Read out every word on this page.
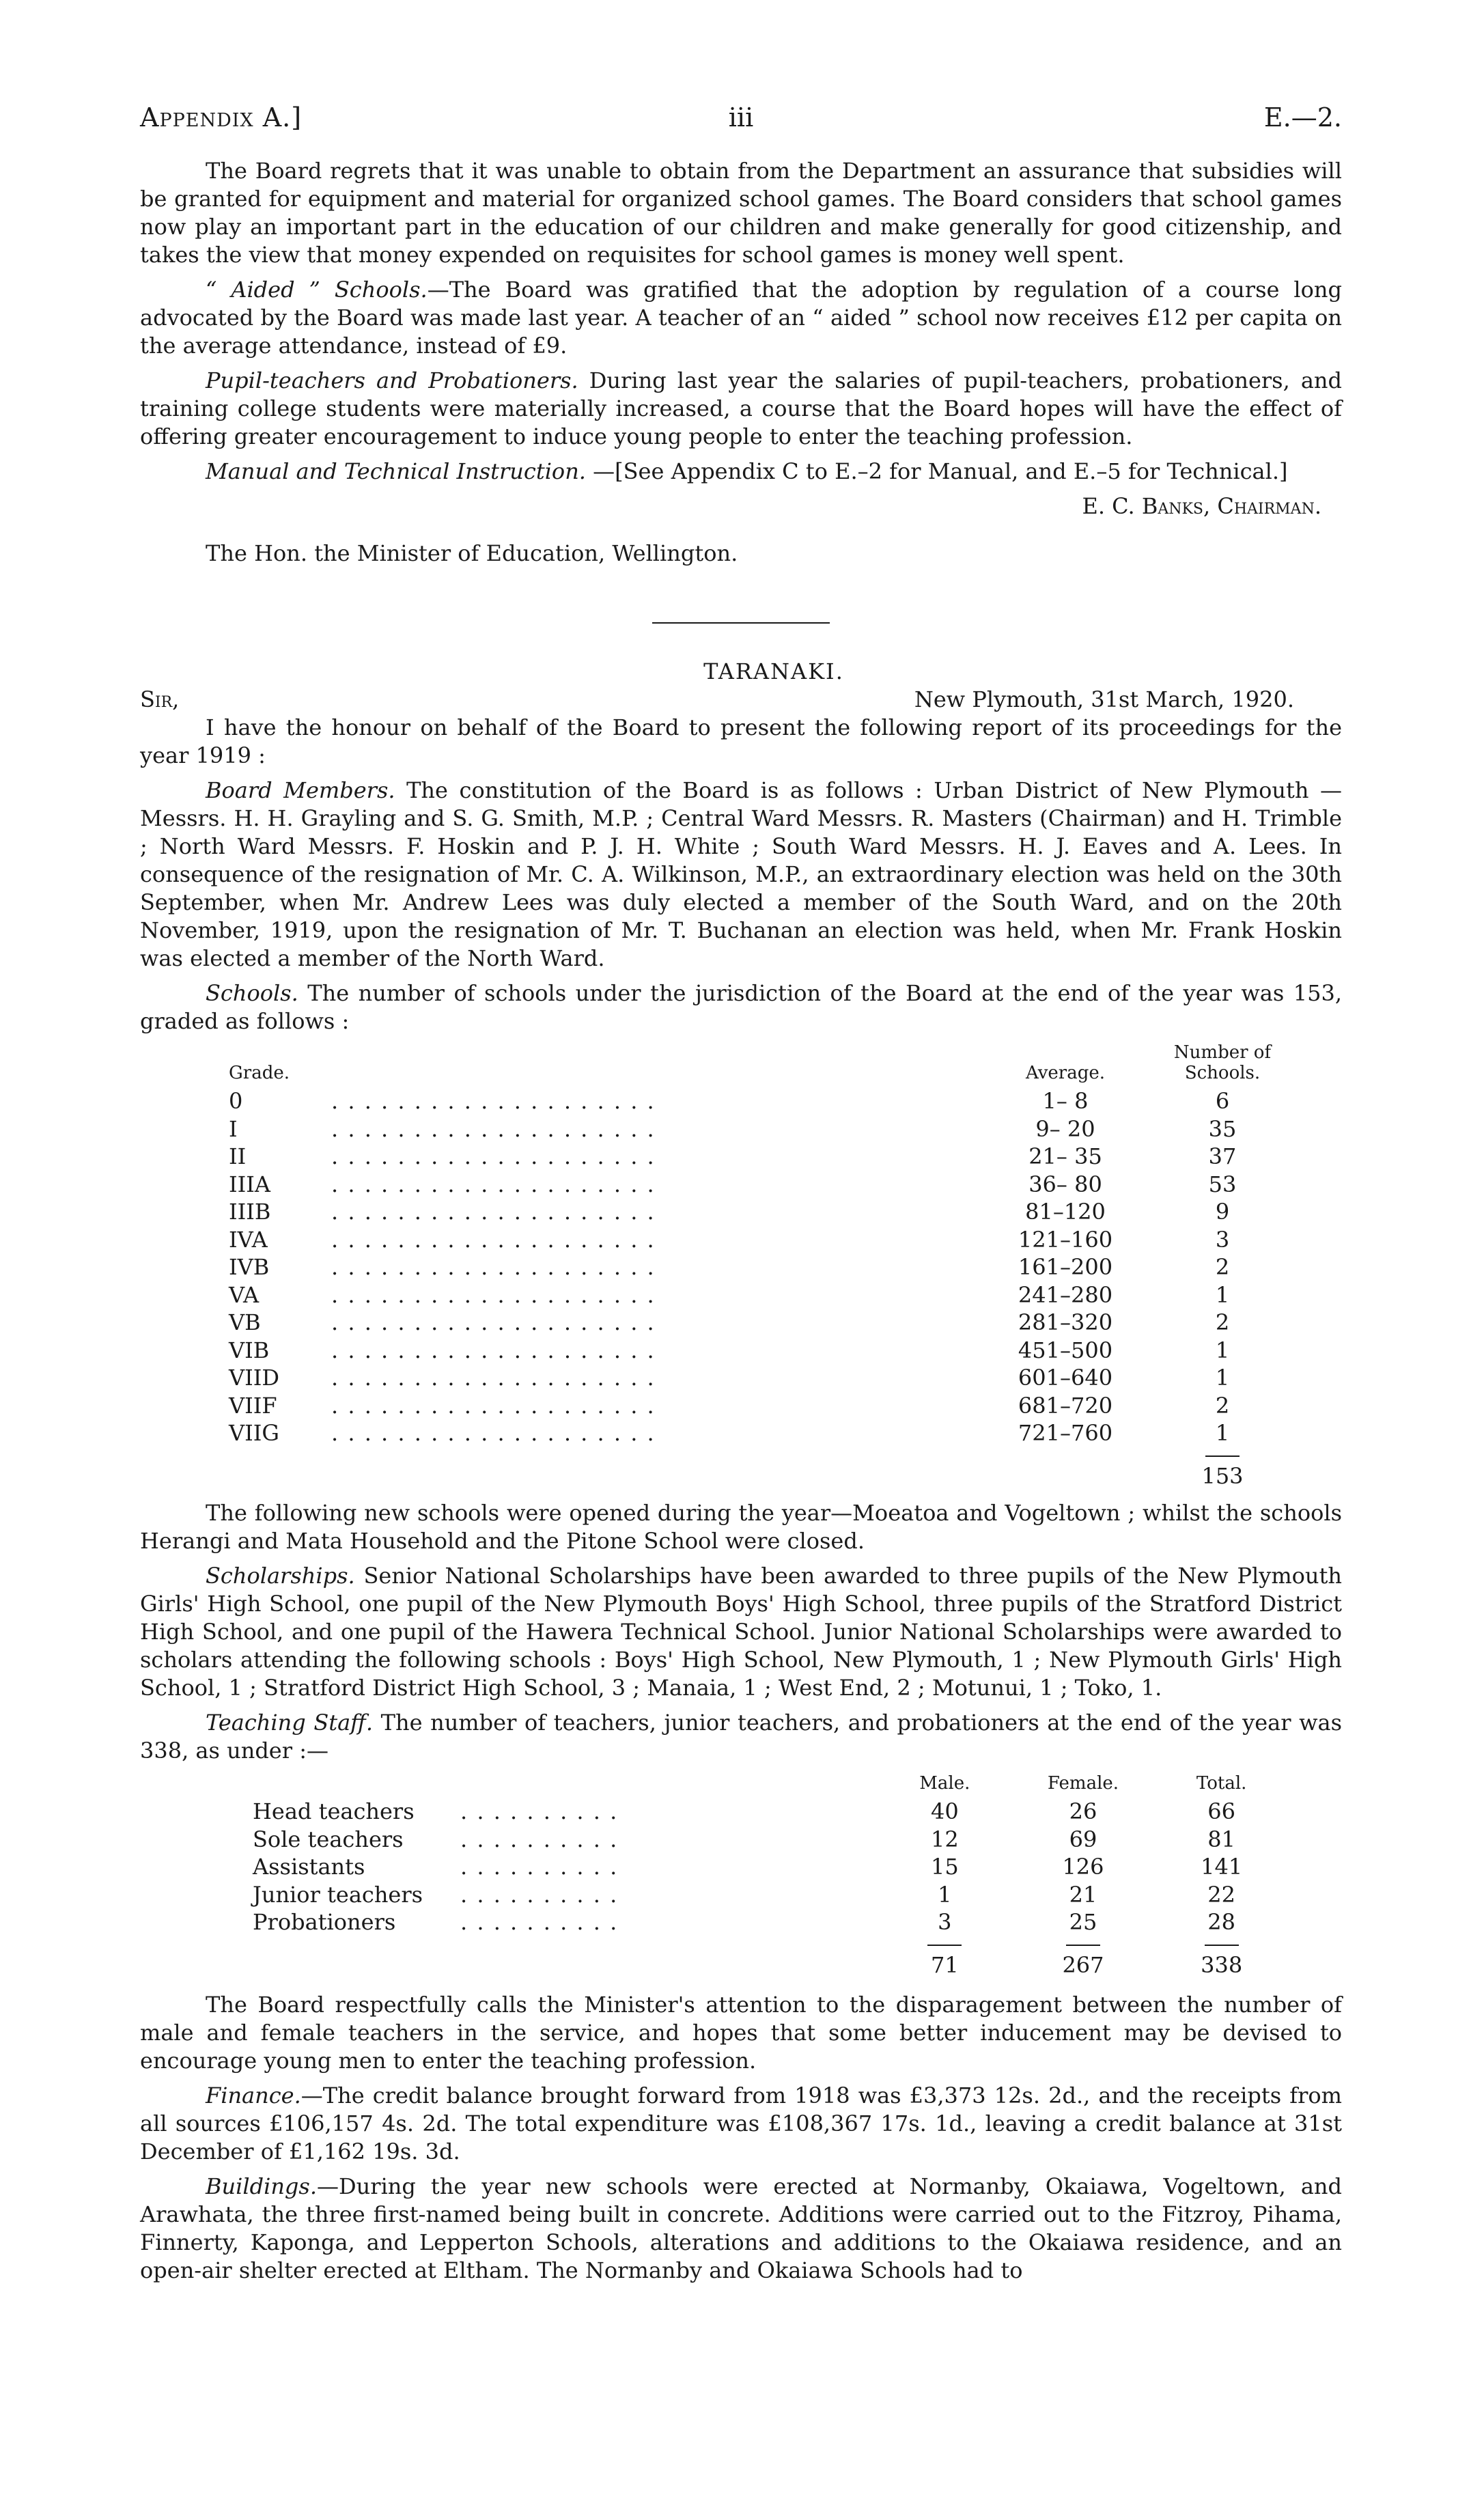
Appendix A.]	iii	E.—2.

The Board regrets that it was unable to obtain from the Department an assurance that subsidies will be granted for equipment and material for organized school games. The Board considers that school games now play an important part in the education of our children and make generally for good citizenship, and takes the view that money expended on requisites for school games is money well spent.

“ Aided ” Schools.—The Board was gratified that the adoption by regulation of a course long advocated by the Board was made last year. A teacher of an “ aided ” school now receives £12 per capita on the average attendance, instead of £9.

Pupil-teachers and Probationers. During last year the salaries of pupil-teachers, probationers, and training college students were materially increased, a course that the Board hopes will have the effect of offering greater encouragement to induce young people to enter the teaching profession.

Manual and Technical Instruction. —[See Appendix C to E.–2 for Manual, and E.–5 for Technical.]

E. C. Banks, Chairman.

The Hon. the Minister of Education, Wellington.

TARANAKI.

Sir,	New Plymouth, 31st March, 1920.

I have the honour on behalf of the Board to present the following report of its proceedings for the year 1919 :

Board Members. The constitution of the Board is as follows : Urban District of New Plymouth —Messrs. H. H. Grayling and S. G. Smith, M.P. ; Central Ward Messrs. R. Masters (Chairman) and H. Trimble ; North Ward Messrs. F. Hoskin and P. J. H. White ; South Ward Messrs. H. J. Eaves and A. Lees. In consequence of the resignation of Mr. C. A. Wilkinson, M.P., an extraordinary election was held on the 30th September, when Mr. Andrew Lees was duly elected a member of the South Ward, and on the 20th November, 1919, upon the resignation of Mr. T. Buchanan an election was held, when Mr. Frank Hoskin was elected a member of the North Ward.

Schools. The number of schools under the jurisdiction of the Board at the end of the year was 153, graded as follows :

Grade.		Average.	Number of Schools.
0	. . . . . . . . . . . . . . . . . . . .	1– 8	6
I	. . . . . . . . . . . . . . . . . . . .	9– 20	35
II	. . . . . . . . . . . . . . . . . . . .	21– 35	37
IIIA	. . . . . . . . . . . . . . . . . . . .	36– 80	53
IIIB	. . . . . . . . . . . . . . . . . . . .	81–120	9
IVA	. . . . . . . . . . . . . . . . . . . .	121–160	3
IVB	. . . . . . . . . . . . . . . . . . . .	161–200	2
VA	. . . . . . . . . . . . . . . . . . . .	241–280	1
VB	. . . . . . . . . . . . . . . . . . . .	281–320	2
VIB	. . . . . . . . . . . . . . . . . . . .	451–500	1
VIID	. . . . . . . . . . . . . . . . . . . .	601–640	1
VIIF	. . . . . . . . . . . . . . . . . . . .	681–720	2
VIIG	. . . . . . . . . . . . . . . . . . . .	721–760	1

			153

The following new schools were opened during the year—Moeatoa and Vogeltown ; whilst the schools Herangi and Mata Household and the Pitone School were closed.

Scholarships. Senior National Scholarships have been awarded to three pupils of the New Plymouth Girls' High School, one pupil of the New Plymouth Boys' High School, three pupils of the Stratford District High School, and one pupil of the Hawera Technical School. Junior National Scholarships were awarded to scholars attending the following schools : Boys' High School, New Plymouth, 1 ; New Plymouth Girls' High School, 1 ; Stratford District High School, 3 ; Manaia, 1 ; West End, 2 ; Motunui, 1 ; Toko, 1.

Teaching Staff. The number of teachers, junior teachers, and probationers at the end of the year was 338, as under :—

		Male.	Female.	Total.
Head teachers	. . . . . . . . . .	40	26	66
Sole teachers	. . . . . . . . . .	12	69	81
Assistants	. . . . . . . . . .	15	126	141
Junior teachers	. . . . . . . . . .	1	21	22
Probationers	. . . . . . . . . .	3	25	28

		71	267	338

The Board respectfully calls the Minister's attention to the disparagement between the number of male and female teachers in the service, and hopes that some better inducement may be devised to encourage young men to enter the teaching profession.

Finance.—The credit balance brought forward from 1918 was £3,373 12s. 2d., and the receipts from all sources £106,157 4s. 2d. The total expenditure was £108,367 17s. 1d., leaving a credit balance at 31st December of £1,162 19s. 3d.

Buildings.—During the year new schools were erected at Normanby, Okaiawa, Vogeltown, and Arawhata, the three first-named being built in concrete. Additions were carried out to the Fitzroy, Pihama, Finnerty, Kaponga, and Lepperton Schools, alterations and additions to the Okaiawa residence, and an open-air shelter erected at Eltham. The Normanby and Okaiawa Schools had to
